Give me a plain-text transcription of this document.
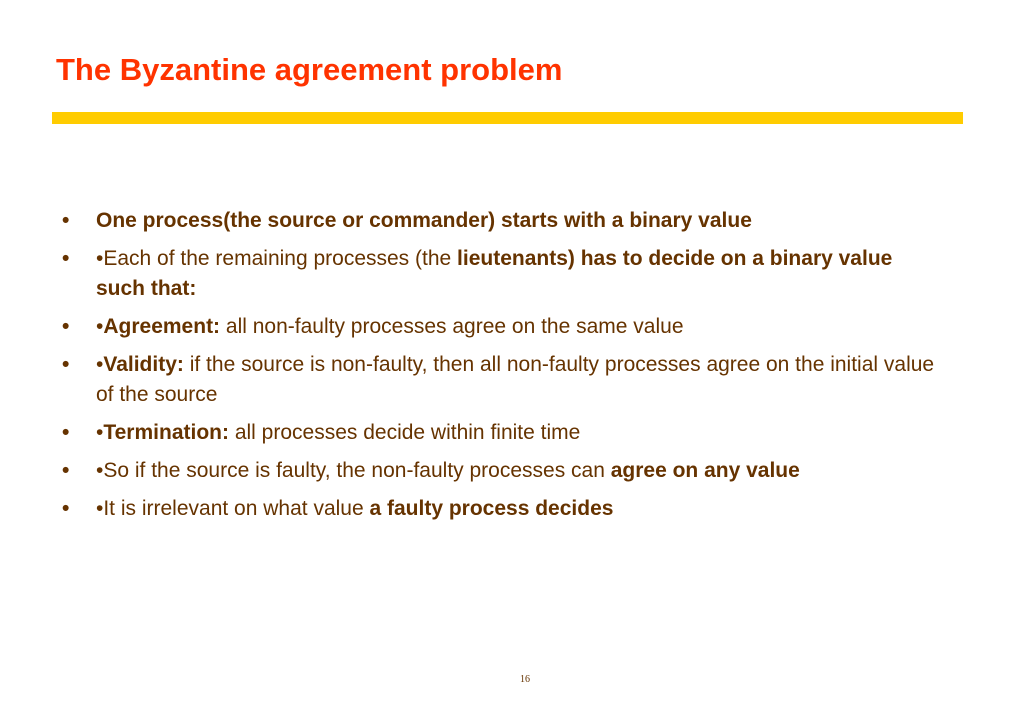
The Byzantine agreement problem
• One process(the source or commander) starts with a binary value
• •Each of the remaining processes (the lieutenants) has to decide on a binary value such that:
• •Agreement: all non-faulty processes agree on the same value
• •Validity: if the source is non-faulty, then all non-faulty processes agree on the initial value of the source
• •Termination: all processes decide within finite time
• •So if the source is faulty, the non-faulty processes can agree on any value
• •It is irrelevant on what value a faulty process decides
16
